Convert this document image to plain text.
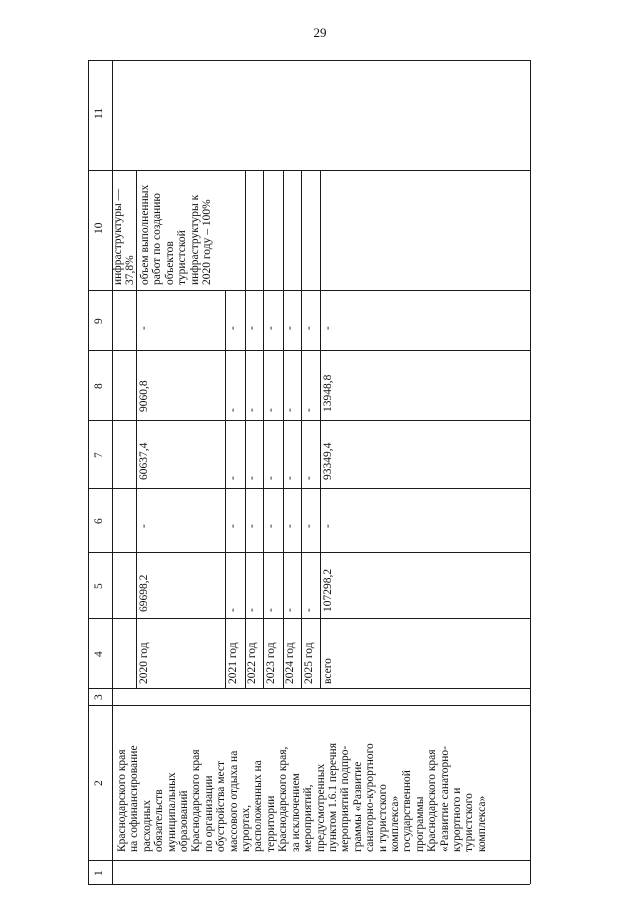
29
11
10
9
8
7
6
5
4
3
2
1
Краснодарского края на софинансирование расходных обязательств муниципальных образований Краснодарского края по организации обустройства мест массового отдыха на курортах, расположенных на территории Краснодарского края, за исключением мероприятий, предусмотренных пунктом 1.6.1 перечня мероприятий подпро- граммы «Развитие санаторно-курортного и туристского комплекса» государственной программы Краснодарского края «Развитие санаторно- курортного и туристского комплекса»
2020 год
69698,2
-
60637,4
9060,8
-
2021 год
-
-
-
-
-
2022 год
-
-
-
-
-
2023 год
-
-
-
-
-
2024 год
-
-
-
-
-
2025 год
-
-
-
-
-
всего
107298,2
-
93349,4
13948,8
-
инфраструктуры — 37,8% объем выполненных работ по созданию объектов туристской инфраструктуры к 2020 году – 100%
